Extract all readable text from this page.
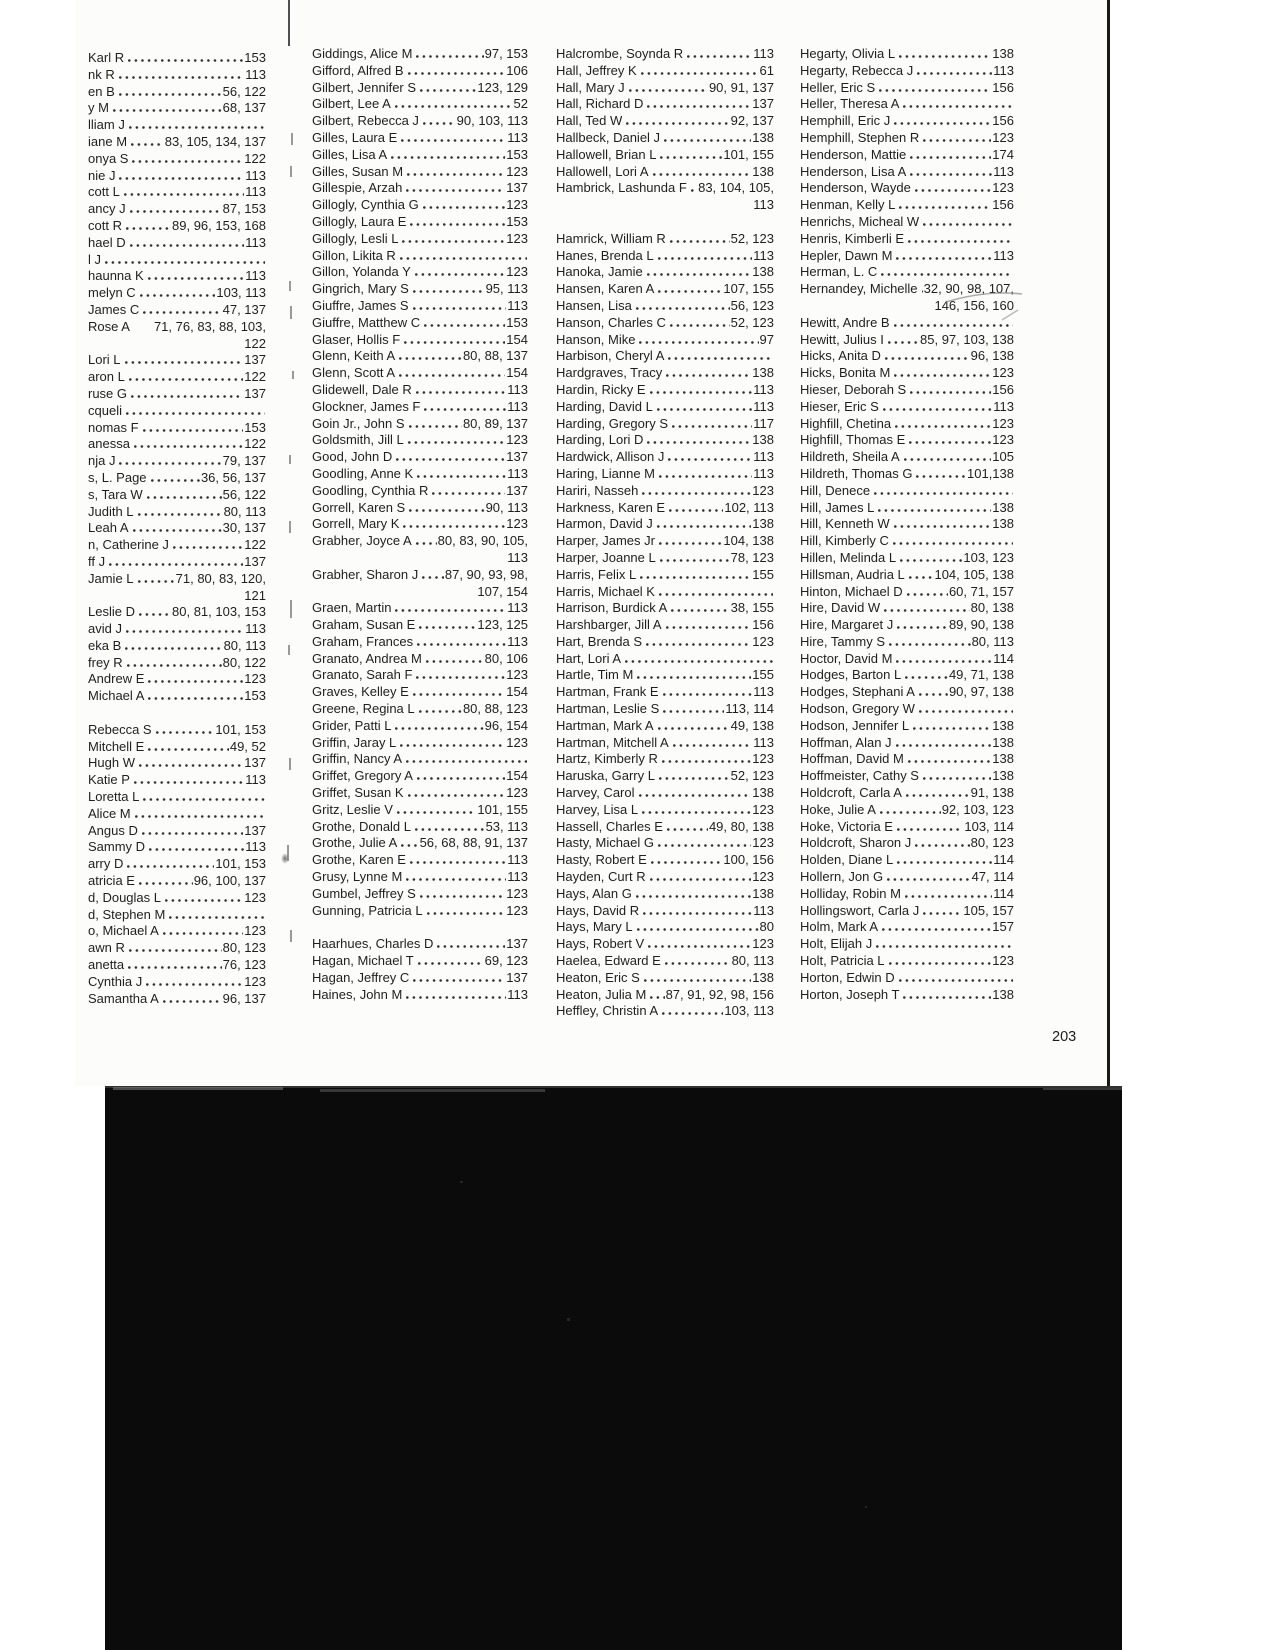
Karl R	153
nk R	113
en B	56, 122
y M	68, 137
lliam J
iane M	83, 105, 134, 137
onya S	122
nie J	113
cott L	113
ancy J	87, 153
cott R	89, 96, 153, 168
hael D	113
l J
haunna K	113
melyn C	103, 113
James C	47, 137
Rose A 71, 76, 83, 88, 103,
122
Lori L	137
aron L	122
ruse G	137
cqueli
nomas F	153
anessa	122
nja J	79, 137
s, L. Page	36, 56, 137
s, Tara W	56, 122
Judith L	80, 113
Leah A	30, 137
n, Catherine J	122
ff J	137
Jamie L	71, 80, 83, 120,
121
Leslie D	80, 81, 103, 153
avid J	113
eka B	80, 113
frey R	80, 122
Andrew E	123
Michael A	153
Rebecca S	101, 153
Mitchell E	49, 52
Hugh W	137
Katie P	113
Loretta L
Alice M
Angus D	137
Sammy D	113
arry D	101, 153
atricia E	96, 100, 137
d, Douglas L	123
d, Stephen M
o, Michael A	123
awn R	80, 123
anetta	76, 123
Cynthia J	123
Samantha A	96, 137
Giddings, Alice M	97, 153
Gifford, Alfred B	106
Gilbert, Jennifer S	123, 129
Gilbert, Lee A	52
Gilbert, Rebecca J	90, 103, 113
Gilles, Laura E	113
Gilles, Lisa A	153
Gilles, Susan M	123
Gillespie, Arzah	137
Gillogly, Cynthia G	123
Gillogly, Laura E	153
Gillogly, Lesli L	123
Gillon, Likita R
Gillon, Yolanda Y	123
Gingrich, Mary S	95, 113
Giuffre, James S	113
Giuffre, Matthew C	153
Glaser, Hollis F	154
Glenn, Keith A	80, 88, 137
Glenn, Scott A	154
Glidewell, Dale R	113
Glockner, James F	113
Goin Jr., John S	80, 89, 137
Goldsmith, Jill L	123
Good, John D	137
Goodling, Anne K	113
Goodling, Cynthia R	137
Gorrell, Karen S	90, 113
Gorrell, Mary K	123
Grabher, Joyce A 80, 83, 90, 105,
113
Grabher, Sharon J 87, 90, 93, 98,
107, 154
Graen, Martin	113
Graham, Susan E	123, 125
Graham, Frances	113
Granato, Andrea M	80, 106
Granato, Sarah F	123
Graves, Kelley E	154
Greene, Regina L	80, 88, 123
Grider, Patti L	96, 154
Griffin, Jaray L	123
Griffin, Nancy A
Griffet, Gregory A	154
Griffet, Susan K	123
Gritz, Leslie V	101, 155
Grothe, Donald L	53, 113
Grothe, Julie A 56, 68, 88, 91, 137
Grothe, Karen E	113
Grusy, Lynne M	113
Gumbel, Jeffrey S	123
Gunning, Patricia L	123
Haarhues, Charles D	137
Hagan, Michael T	69, 123
Hagan, Jeffrey C	137
Haines, John M	113
Halcrombe, Soynda R	113
Hall, Jeffrey K	61
Hall, Mary J	90, 91, 137
Hall, Richard D	137
Hall, Ted W	92, 137
Hallbeck, Daniel J	138
Hallowell, Brian L	101, 155
Hallowell, Lori A	138
Hambrick, Lashunda F 83, 104, 105,
113
Hamrick, William R	52, 123
Hanes, Brenda L	113
Hanoka, Jamie	138
Hansen, Karen A	107, 155
Hansen, Lisa	56, 123
Hanson, Charles C	52, 123
Hanson, Mike	97
Harbison, Cheryl A
Hardgraves, Tracy	138
Hardin, Ricky E	113
Harding, David L	113
Harding, Gregory S	117
Harding, Lori D	138
Hardwick, Allison J	113
Haring, Lianne M	113
Hariri, Nasseh	123
Harkness, Karen E	102, 113
Harmon, David J	138
Harper, James Jr	104, 138
Harper, Joanne L	78, 123
Harris, Felix L	155
Harris, Michael K
Harrison, Burdick A	38, 155
Harshbarger, Jill A	156
Hart, Brenda S	123
Hart, Lori A
Hartle, Tim M	155
Hartman, Frank E	113
Hartman, Leslie S	113, 114
Hartman, Mark A	49, 138
Hartman, Mitchell A	113
Hartz, Kimberly R	123
Haruska, Garry L	52, 123
Harvey, Carol	138
Harvey, Lisa L	123
Hassell, Charles E	49, 80, 138
Hasty, Michael G	123
Hasty, Robert E	100, 156
Hayden, Curt R	123
Hays, Alan G	138
Hays, David R	113
Hays, Mary L	80
Hays, Robert V	123
Haelea, Edward E	80, 113
Heaton, Eric S	138
Heaton, Julia M 87, 91, 92, 98, 156
Heffley, Christin A	103, 113
Hegarty, Olivia L	138
Hegarty, Rebecca J	113
Heller, Eric S	156
Heller, Theresa A
Hemphill, Eric J	156
Hemphill, Stephen R	123
Henderson, Mattie	174
Henderson, Lisa A	113
Henderson, Wayde	123
Henman, Kelly L	156
Henrichs, Micheal W
Henris, Kimberli E
Hepler, Dawn M	113
Herman, L. C
Hernandey, Michelle 32, 90, 98, 107,
146, 156, 160
Hewitt, Andre B
Hewitt, Julius I	85, 97, 103, 138
Hicks, Anita D	96, 138
Hicks, Bonita M	123
Hieser, Deborah S	156
Hieser, Eric S	113
Highfill, Chetina	123
Highfill, Thomas E	123
Hildreth, Sheila A	105
Hildreth, Thomas G	101,138
Hill, Denece
Hill, James L	138
Hill, Kenneth W	138
Hill, Kimberly C
Hillen, Melinda L	103, 123
Hillsman, Audria L 104, 105, 138
Hinton, Michael D	60, 71, 157
Hire, David W	80, 138
Hire, Margaret J	89, 90, 138
Hire, Tammy S	80, 113
Hoctor, David M	114
Hodges, Barton L	49, 71, 138
Hodges, Stephani A	90, 97, 138
Hodson, Gregory W
Hodson, Jennifer L	138
Hoffman, Alan J	138
Hoffman, David M	138
Hoffmeister, Cathy S	138
Holdcroft, Carla A	91, 138
Hoke, Julie A	92, 103, 123
Hoke, Victoria E	103, 114
Holdcroft, Sharon J	80, 123
Holden, Diane L	114
Hollern, Jon G	47, 114
Holliday, Robin M	114
Hollingswort, Carla J	105, 157
Holm, Mark A	157
Holt, Elijah J
Holt, Patricia L	123
Horton, Edwin D
Horton, Joseph T	138
203
